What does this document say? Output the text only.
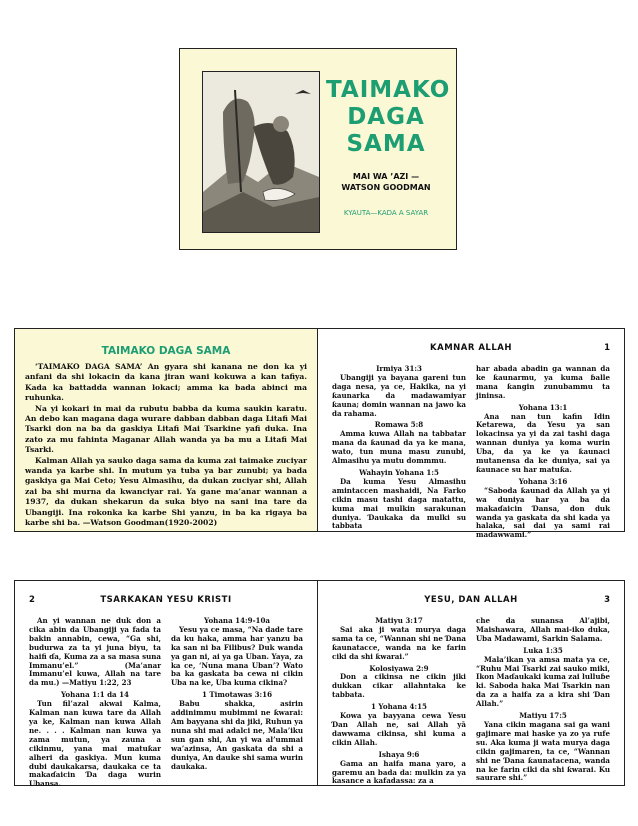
TAIMAKO
DAGA
SAMA
MAI WA ’AZI —
WATSON GOODMAN
KYAUTA—KADA A SAYAR
TAIMAKO DAGA SAMA

‘TAIMAKO DAGA SAMA’ An gyara shi kanana ne don ka yi anfani da shi lokacin da kana jiran wani kokuwa a kan tafiya. Kada ka battadda wannan lokaci; amma ka bada abinci ma ruhunka.

Na yi kokari in mai da rubutu babba da kuma saukin karatu. An debo kan magana daga wurare dabban dabban daga Litafi Mai Tsarki don na ba da gaskiya Litafi Mai Tsarkine yafi duka. Ina zato za mu fahinta Maganar Allah wanda ya ba mu a Litafi Mai Tsarki.

Kalman Allah ya sauko daga sama da kuma zai taimake zuciyar wanda ya karbe shi. In mutum ya tuba ya bar zunubi; ya bada gaskiya ga Mai Ceto; Yesu Almasihu, da dukan zuciyar shi, Allah zai ba shi murna da kwanciyar rai. Ya gane ma’anar wannan a 1937, da dukan shekarun da suka biyo na sani ina tare da Ubangiji. Ina rokonka ka karbe Shi yanzu, in ba ka rigaya ba karbe shi ba. —Watson Goodman(1920-2002)

KAMNAR ALLAH	1
Irmiya 31:3
Ubangiji ya bayana gareni tun daga nesa, ya ce, Hakika, na yi ƙaunarka da madawamiyar ƙauna; domin wannan na jawo ka da rahama.
Romawa 5:8
Amma kuwa Allah na tabbatar mana da ƙaunad da ya ke mana, wato, tun muna masu zunubi, Almasihu ya mutu dommmu.
Wahayin Yohana 1:5
Da kuma Yesu Almasihu amintaccen mashaidi, Na Farko cikin masu tashi daga matattu, kuma mai mulkin sarakunan duniya. Ɗaukaka da mulki su tabbata
har abada abadin ga wannan da ke ƙaunarmu, ya kuma ɓalle mana ƙangin zunubammu ta jininsa.
Yohana 13:1
Ana nan tun kafin Idin Ketarewa, da Yesu ya san lokacinsa ya yi da zai tashi daga wannan duniya ya koma wurin Uba, da ya ke ya ƙaunaci mutanensa da ke duniya, sai ya ƙaunace su har matuƙa.
Yohana 3:16
“Saboda ƙaunad da Allah ya yi wa duniya har ya ba da makaɗaicin Ɗansa, don duk wanda ya gaskata da shi kada ya halaka, sai dai ya sami rai madawwami.”
TSARKAKAN YESU KRISTI
2
An yi wannan ne duk don a cika abin da Ubangiji ya fada ta bakin annabin, cewa, “Ga shi, budurwa za ta yi juna biyu, ta haifi ɗa, Kuma za a sa masa suna Immanu’el.” (Ma’anar Immanu’el kuwa, Allah na tare da mu.) —Matiyu 1:22, 23
Yohana 1:1 da 14
Tun fil’azal akwai Kalma, Kalman nan kuwa tare da Allah ya ke, Kalman nan kuwa Allah ne. . . . Kalman nan kuwa ya zama mutun, ya zauna a cikinmu, yana mai matuƙar alheri da gaskiya. Mun kuma dubi daukakarsa, daukaka ce ta makaɗaicin Ɗa daga wurin Ubansa.
Yohana 14:9-10a
Yesu ya ce masa, “Na dade tare da ku haka, amma har yanzu ba ka san ni ba Filibus? Duk wanda ya gan ni, ai ya ga Uban. Yaya, za ka ce, ‘Nuna mana Uban’? Wato ba ka gaskata ba cewa ni cikin Uba na ke, Uba kuma cikina?
1 Timotawas 3:16
Babu shakka, asirin addinimmu mubimmi ne ƙwarai: Am bayyana shi da jiki, Ruhun ya nuna shi mai adalci ne, Mala’iku sun gan shi, An yi wa al’ummai wa’azinsa, An gaskata da shi a duniya, An dauke shi sama wurin daukaka.
YESU, DAN ALLAH	3
Matiyu 3:17
Sai aka ji wata murya daga sama ta ce, “Wannan shi ne Ɗana ƙaunatacce, wanda na ke farin ciki da shi ƙwarai.”
Kolosiyawa 2:9
Don a cikinsa ne cikin jiki dukkan cikar allahntaka ke tabbata.
1 Yohana 4:15
Kowa ya bayyana cewa Yesu Ɗan Allah ne, sai Allah yā dawwama cikinsa, shi kuma a cikin Allah.
Ishaya 9:6
Gama an haifa mana yaro, a garemu an bada da: mulkin za ya kasance a kafadassa: za a
che da sunansa Al’ajibi, Maishawara, Allah mai-iko duka, Uba Madawami, Sarkin Salama.
Luka 1:35
Mala’ikan ya amsa mata ya ce, “Ruhu Mai Tsarki zai sauko miki, Ikon Maɗaukaki kuma zai lulluɓe ki. Saboda haka Mai Tsarkin nan da za a haifa za a kira shi Ɗan Allah.”
Matiyu 17:5
Yana cikin magana sai ga wani gajimare mai haske ya zo ya rufe su. Aka kuma ji wata murya daga cikin gajimaren, ta ce, “Wannan shi ne Ɗana ƙaunatacena, wanda na ke farin ciki da shi ƙwarai. Ku saurare shi.”
